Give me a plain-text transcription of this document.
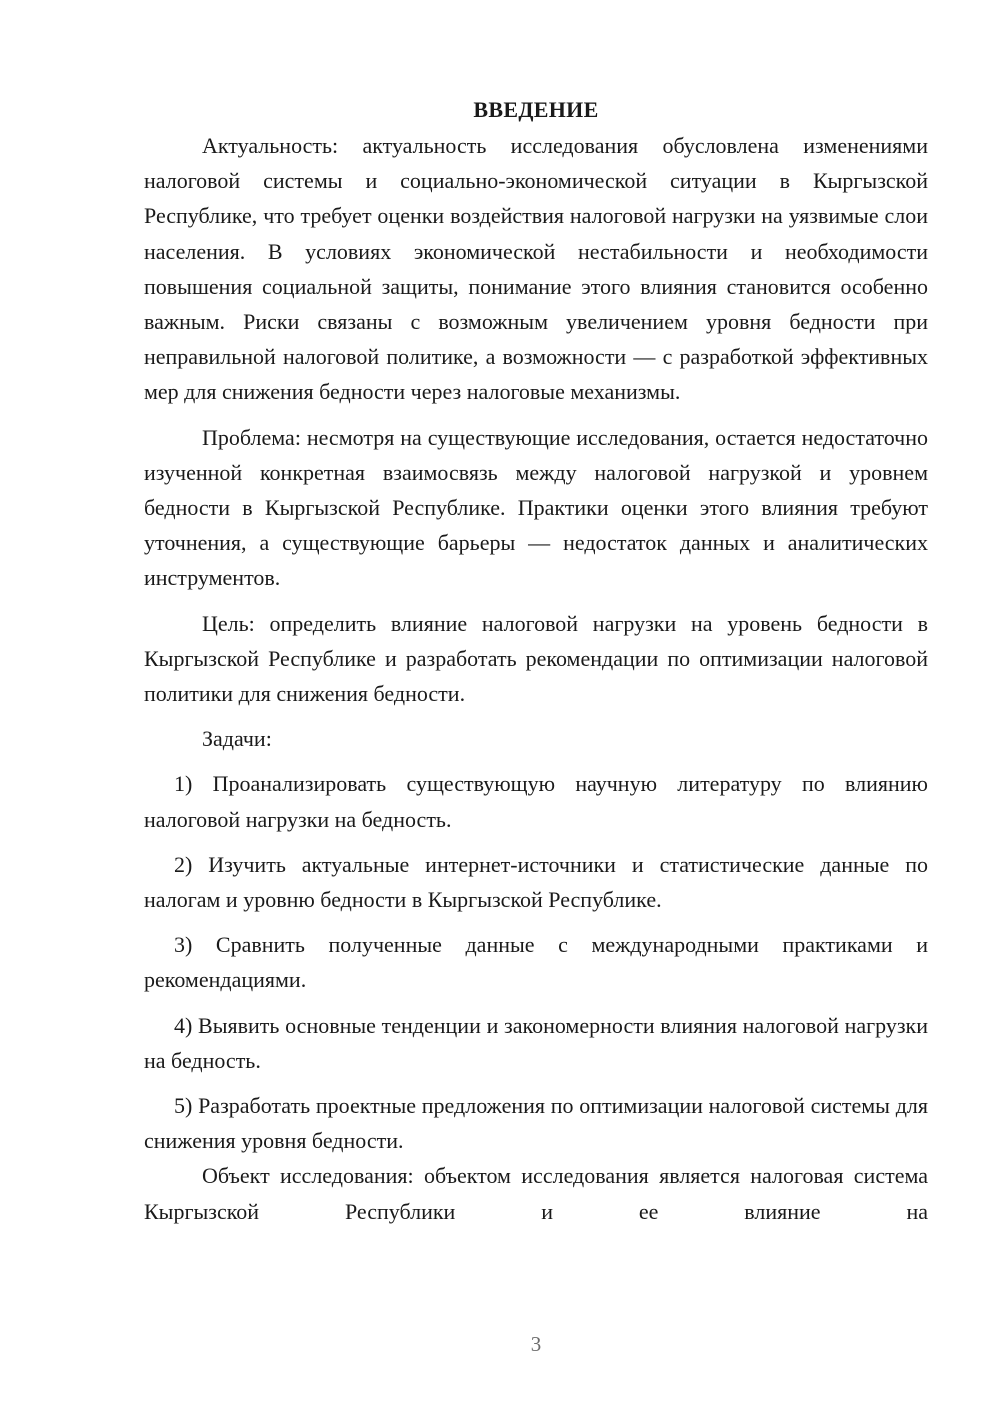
ВВЕДЕНИЕ

Актуальность: актуальность исследования обусловлена изменениями налоговой системы и социально-экономической ситуации в Кыргызской Республике, что требует оценки воздействия налоговой нагрузки на уязвимые слои населения. В условиях экономической нестабильности и необходимости повышения социальной защиты, понимание этого влияния становится особенно важным. Риски связаны с возможным увеличением уровня бедности при неправильной налоговой политике, а возможности — с разработкой эффективных мер для снижения бедности через налоговые механизмы.

Проблема: несмотря на существующие исследования, остается недостаточно изученной конкретная взаимосвязь между налоговой нагрузкой и уровнем бедности в Кыргызской Республике. Практики оценки этого влияния требуют уточнения, а существующие барьеры — недостаток данных и аналитических инструментов.

Цель: определить влияние налоговой нагрузки на уровень бедности в Кыргызской Республике и разработать рекомендации по оптимизации налоговой политики для снижения бедности.

Задачи:

1) Проанализировать существующую научную литературу по влиянию налоговой нагрузки на бедность.

2) Изучить актуальные интернет-источники и статистические данные по налогам и уровню бедности в Кыргызской Республике.

3) Сравнить полученные данные с международными практиками и рекомендациями.

4) Выявить основные тенденции и закономерности влияния налоговой нагрузки на бедность.

5) Разработать проектные предложения по оптимизации налоговой системы для снижения уровня бедности.

Объект исследования: объектом исследования является налоговая система Кыргызской Республики и ее влияние на

3
